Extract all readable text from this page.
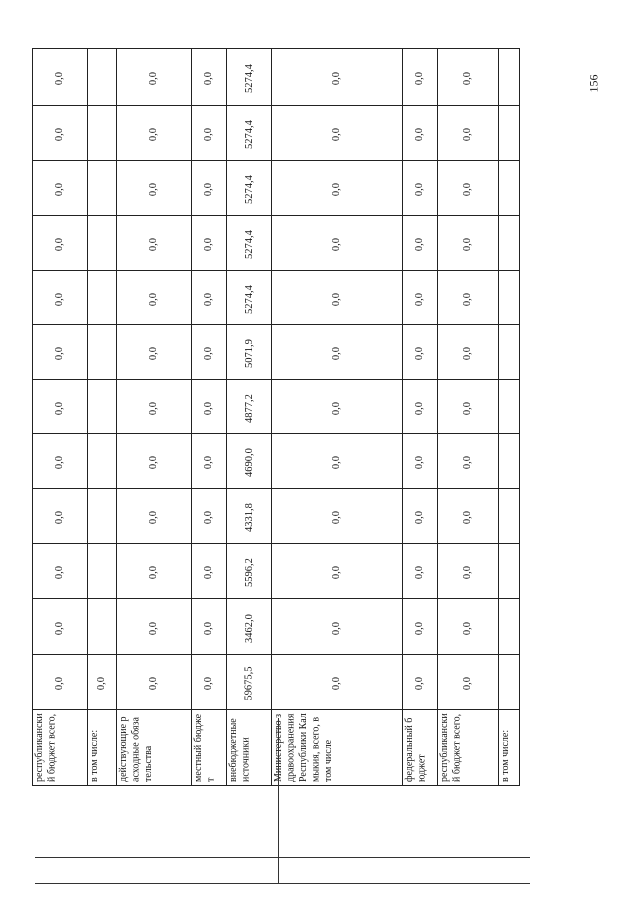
156
0,0		0,0	0,0	5274,4	0,0	0,0	0,0	
0,0		0,0	0,0	5274,4	0,0	0,0	0,0	
0,0		0,0	0,0	5274,4	0,0	0,0	0,0	
0,0		0,0	0,0	5274,4	0,0	0,0	0,0	
0,0		0,0	0,0	5274,4	0,0	0,0	0,0	
0,0		0,0	0,0	5071,9	0,0	0,0	0,0	
0,0		0,0	0,0	4877,2	0,0	0,0	0,0	
0,0		0,0	0,0	4690,0	0,0	0,0	0,0	
0,0		0,0	0,0	4331,8	0,0	0,0	0,0	
0,0		0,0	0,0	5596,2	0,0	0,0	0,0	
0,0		0,0	0,0	3462,0	0,0	0,0	0,0	
0,0	0,0	0,0	0,0	59675,5	0,0	0,0	0,0	

республиканский бюджет всего,	в том числе:	действующие расходные обязательства	местный бюджет	внебюджетные источники	Министерство здравоохранения Республики Калмыкия, всего, в том числе	федеральный бюджет	республиканский бюджет всего,	в том числе:
